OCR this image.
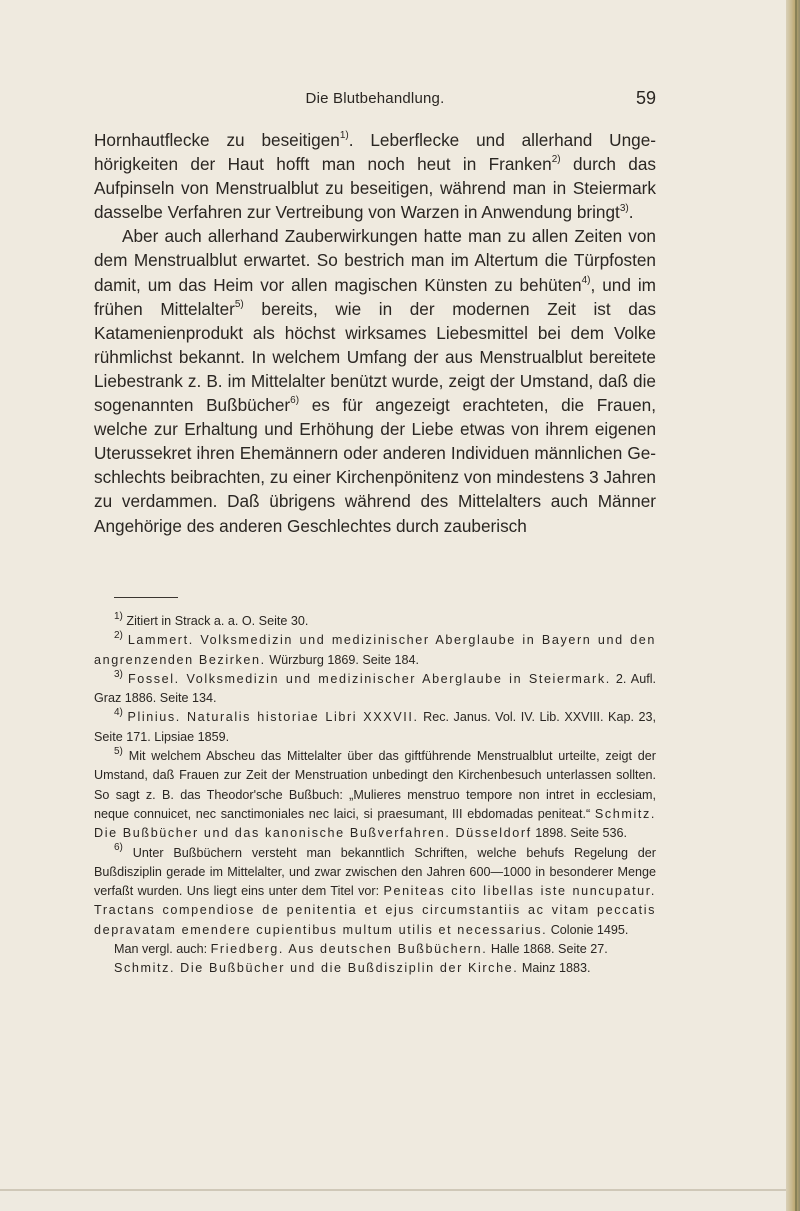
Die Blutbehandlung.	59

Hornhautflecke zu beseitigen$^{1)}$. Leberflecke und allerhand Ungehörigkeiten der Haut hofft man noch heut in Franken$^{2)}$ durch das Aufpinseln von Menstrualblut zu beseitigen, während man in Steiermark dasselbe Verfahren zur Vertreibung von Warzen in Anwendung bringt$^{3)}$.

Aber auch allerhand Zauberwirkungen hatte man zu allen Zeiten von dem Menstrualblut erwartet. So bestrich man im Altertum die Türpfosten damit, um das Heim vor allen magischen Künsten zu behüten$^{4)}$, und im frühen Mittelalter$^{5)}$ bereits, wie in der modernen Zeit ist das Katamenienprodukt als höchst wirksames Liebesmittel bei dem Volke rühmlichst bekannt. In welchem Umfang der aus Menstrualblut bereitete Liebestrank z. B. im Mittelalter benützt wurde, zeigt der Umstand, daß die sogenannten Bußbücher$^{6)}$ es für angezeigt erachteten, die Frauen, welche zur Erhaltung und Erhöhung der Liebe etwas von ihrem eigenen Uterussekret ihren Ehemännern oder anderen Individuen männlichen Geschlechts beibrachten, zu einer Kirchenpönitenz von mindestens 3 Jahren zu verdammen. Daß übrigens während des Mittelalters auch Männer Angehörige des anderen Geschlechtes durch zauberisch

$^{1)}$ Zitiert in Strack a. a. O. Seite 30.

$^{2)}$ Lammert. Volksmedizin und medizinischer Aberglaube in Bayern und den angrenzenden Bezirken. Würzburg 1869. Seite 184.

$^{3)}$ Fossel. Volksmedizin und medizinischer Aberglaube in Steiermark. 2. Aufl. Graz 1886. Seite 134.

$^{4)}$ Plinius. Naturalis historiae Libri XXXVII. Rec. Janus. Vol. IV. Lib. XXVIII. Kap. 23, Seite 171. Lipsiae 1859.

$^{5)}$ Mit welchem Abscheu das Mittelalter über das giftführende Menstrualblut urteilte, zeigt der Umstand, daß Frauen zur Zeit der Menstruation unbedingt den Kirchenbesuch unterlassen sollten. So sagt z. B. das Theodor'sche Bußbuch: „Mulieres menstruo tempore non intret in ecclesiam, neque connuicet, nec sanctimoniales nec laici, si praesumant, III ebdomadas peniteat.“ Schmitz. Die Bußbücher und das kanonische Bußverfahren. Düsseldorf 1898. Seite 536.

$^{6)}$ Unter Bußbüchern versteht man bekanntlich Schriften, welche behufs Regelung der Bußdisziplin gerade im Mittelalter, und zwar zwischen den Jahren 600—1000 in besonderer Menge verfaßt wurden. Uns liegt eins unter dem Titel vor: Peniteas cito libellas iste nuncupatur. Tractans compendiose de penitentia et ejus circumstantiis ac vitam peccatis depravatam emendere cupientibus multum utilis et necessarius. Colonie 1495.

Man vergl. auch: Friedberg. Aus deutschen Bußbüchern. Halle 1868. Seite 27.

Schmitz. Die Bußbücher und die Bußdisziplin der Kirche. Mainz 1883.
